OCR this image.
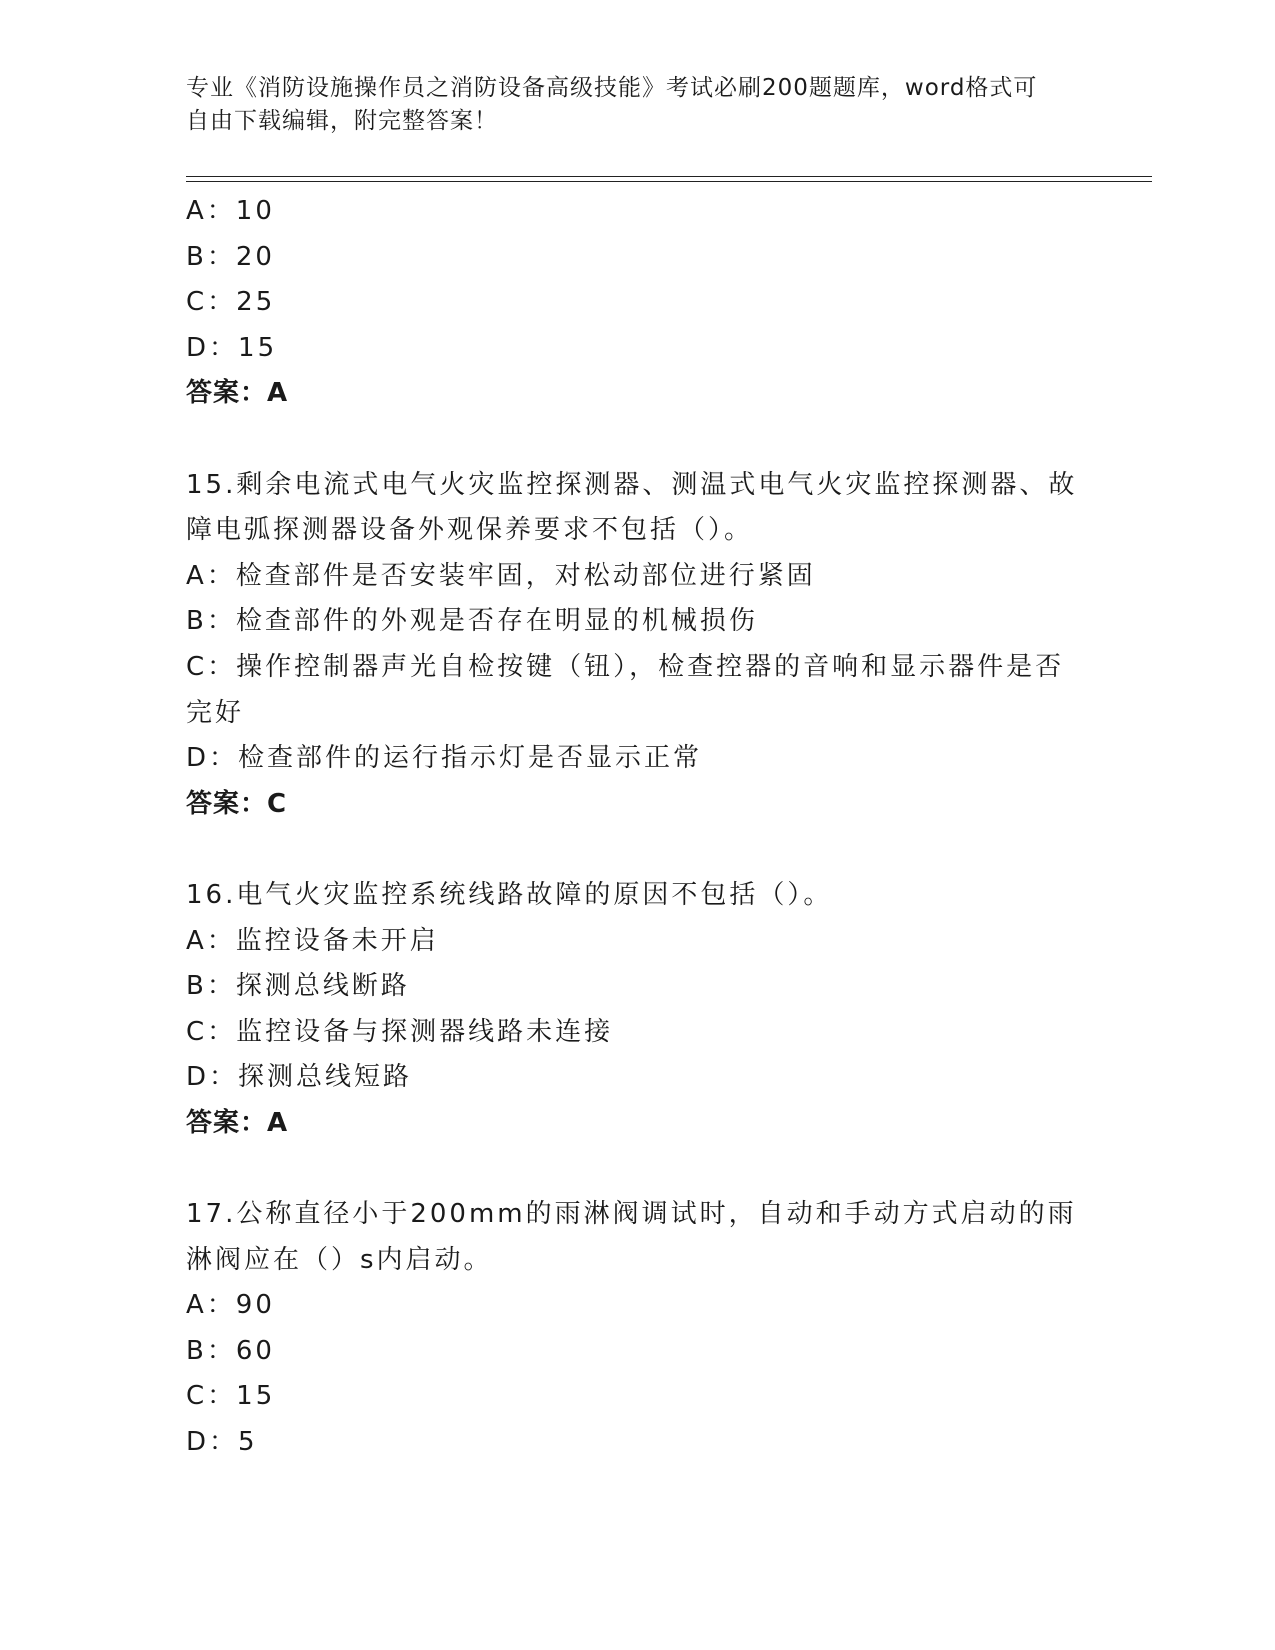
专业《消防设施操作员之消防设备高级技能》考试必刷200题题库，word格式可
自由下载编辑，附完整答案！
A：10
B：20
C：25
D：15
答案：A
15.剩余电流式电气火灾监控探测器、测温式电气火灾监控探测器、故障电弧探测器设备外观保养要求不包括（）。
A：检查部件是否安装牢固，对松动部位进行紧固
B：检查部件的外观是否存在明显的机械损伤
C：操作控制器声光自检按键（钮），检查控器的音响和显示器件是否完好
D：检查部件的运行指示灯是否显示正常
答案：C
16.电气火灾监控系统线路故障的原因不包括（）。
A：监控设备未开启
B：探测总线断路
C：监控设备与探测器线路未连接
D：探测总线短路
答案：A
17.公称直径小于200mm的雨淋阀调试时，自动和手动方式启动的雨淋阀应在（）s内启动。
A：90
B：60
C：15
D：5
